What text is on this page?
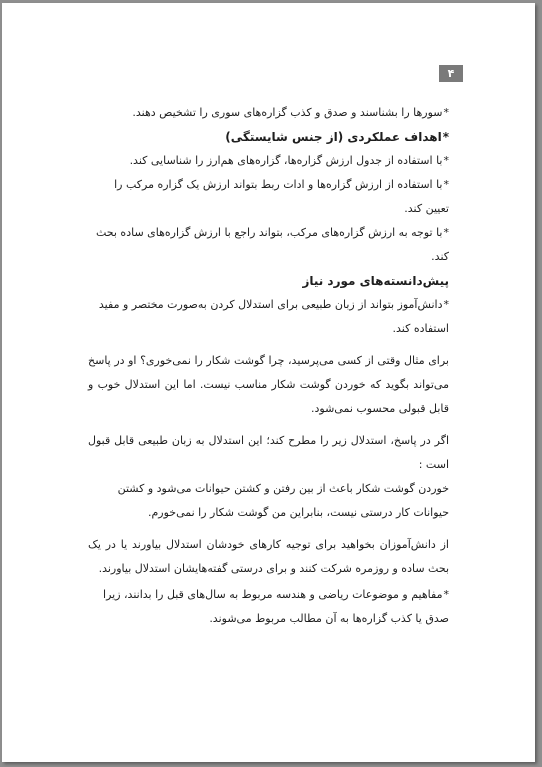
۴

* سورها را بشناسند و صدق و کذب گزاره‌های سوری را تشخیص دهند.

* اهداف عملکردی (از جنس شایستگی)

* با استفاده از جدول ارزش گزاره‌ها، گزاره‌های هم‌ارز را شناسایی کند.

* با استفاده از ارزش گزاره‌ها و ادات ربط بتواند ارزش یک گزاره مرکب را تعیین کند.

* با توجه به ارزش گزاره‌های مرکب، بتواند راجع با ارزش گزاره‌های ساده بحث کند.

پیش‌دانسته‌های مورد نیاز

* دانش‌آموز بتواند از زبان طبیعی برای استدلال کردن به‌صورت مختصر و مفید استفاده کند.

برای مثال وقتی از کسی می‌پرسید، چرا گوشت شکار را نمی‌خوری؟ او در پاسخ می‌تواند بگوید که خوردن گوشت شکار مناسب نیست. اما این استدلال خوب و قابل قبولی محسوب نمی‌شود.

اگر در پاسخ، استدلال زیر را مطرح کند؛ این استدلال به زبان طبیعی قابل قبول است :

خوردن گوشت شکار باعث از بین رفتن و کشتن حیوانات می‌شود و کشتن حیوانات کار درستی نیست، بنابراین من گوشت شکار را نمی‌خورم.

از دانش‌آموزان بخواهید برای توجیه کارهای خودشان استدلال بیاورند یا در یک بحث ساده و روزمره شرکت کنند و برای درستی گفته‌هایشان استدلال بیاورند.

* مفاهیم و موضوعات ریاضی و هندسه مربوط به سال‌های قبل را بدانند، زیرا صدق یا کذب گزاره‌ها به آن مطالب مربوط می‌شوند.
